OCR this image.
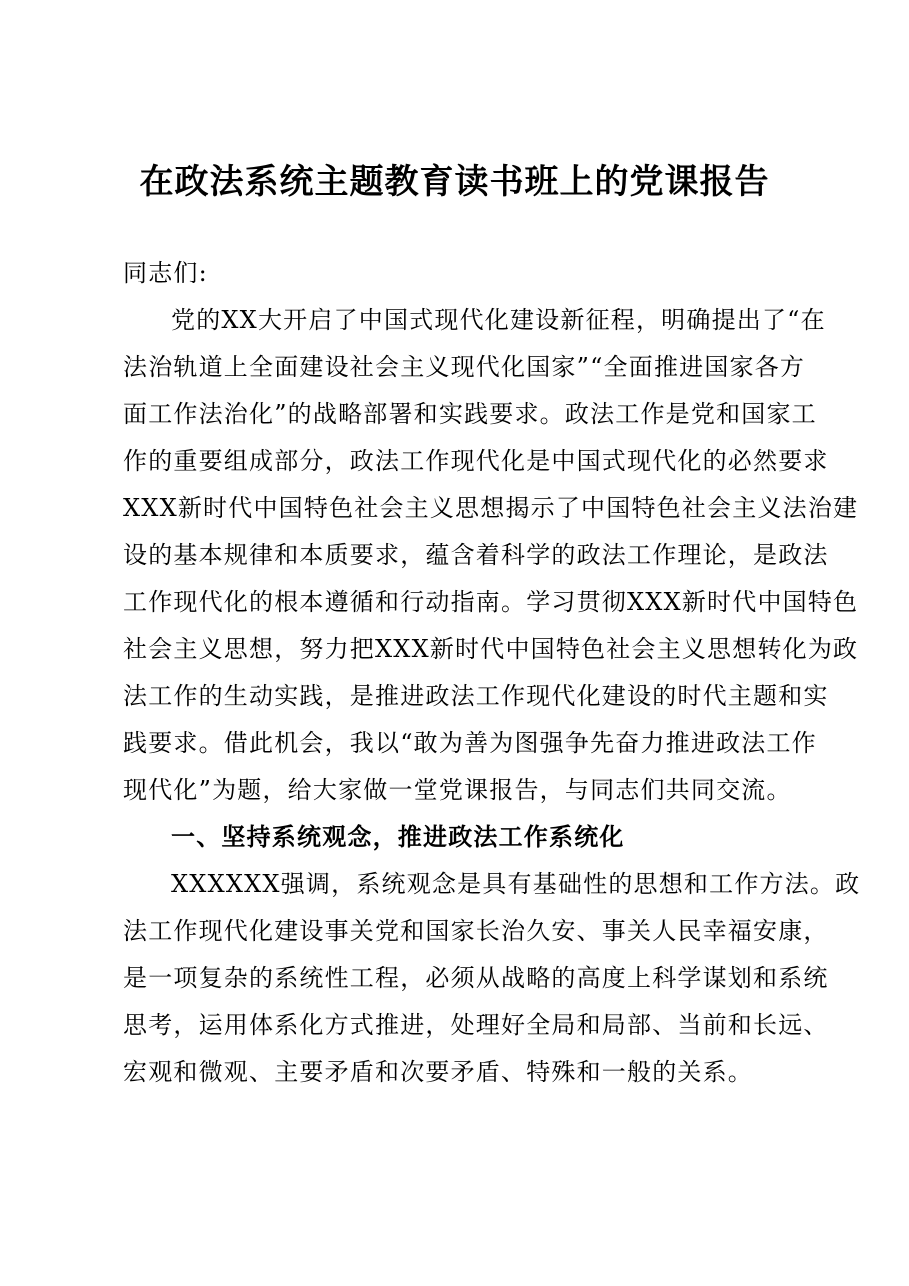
在政法系统主题教育读书班上的党课报告
同志们:
党的XX大开启了中国式现代化建设新征程，明确提出了“在
法治轨道上全面建设社会主义现代化国家”“全面推进国家各方
面工作法治化”的战略部署和实践要求。政法工作是党和国家工
作的重要组成部分，政法工作现代化是中国式现代化的必然要求
XXX新时代中国特色社会主义思想揭示了中国特色社会主义法治建
设的基本规律和本质要求，蕴含着科学的政法工作理论，是政法
工作现代化的根本遵循和行动指南。学习贯彻XXX新时代中国特色
社会主义思想，努力把XXX新时代中国特色社会主义思想转化为政
法工作的生动实践，是推进政法工作现代化建设的时代主题和实
践要求。借此机会，我以“敢为善为图强争先奋力推进政法工作
现代化”为题，给大家做一堂党课报告，与同志们共同交流。
一、坚持系统观念，推进政法工作系统化
XXXXXX强调，系统观念是具有基础性的思想和工作方法。政
法工作现代化建设事关党和国家长治久安、事关人民幸福安康，
是一项复杂的系统性工程，必须从战略的高度上科学谋划和系统
思考，运用体系化方式推进，处理好全局和局部、当前和长远、
宏观和微观、主要矛盾和次要矛盾、特殊和一般的关系。
